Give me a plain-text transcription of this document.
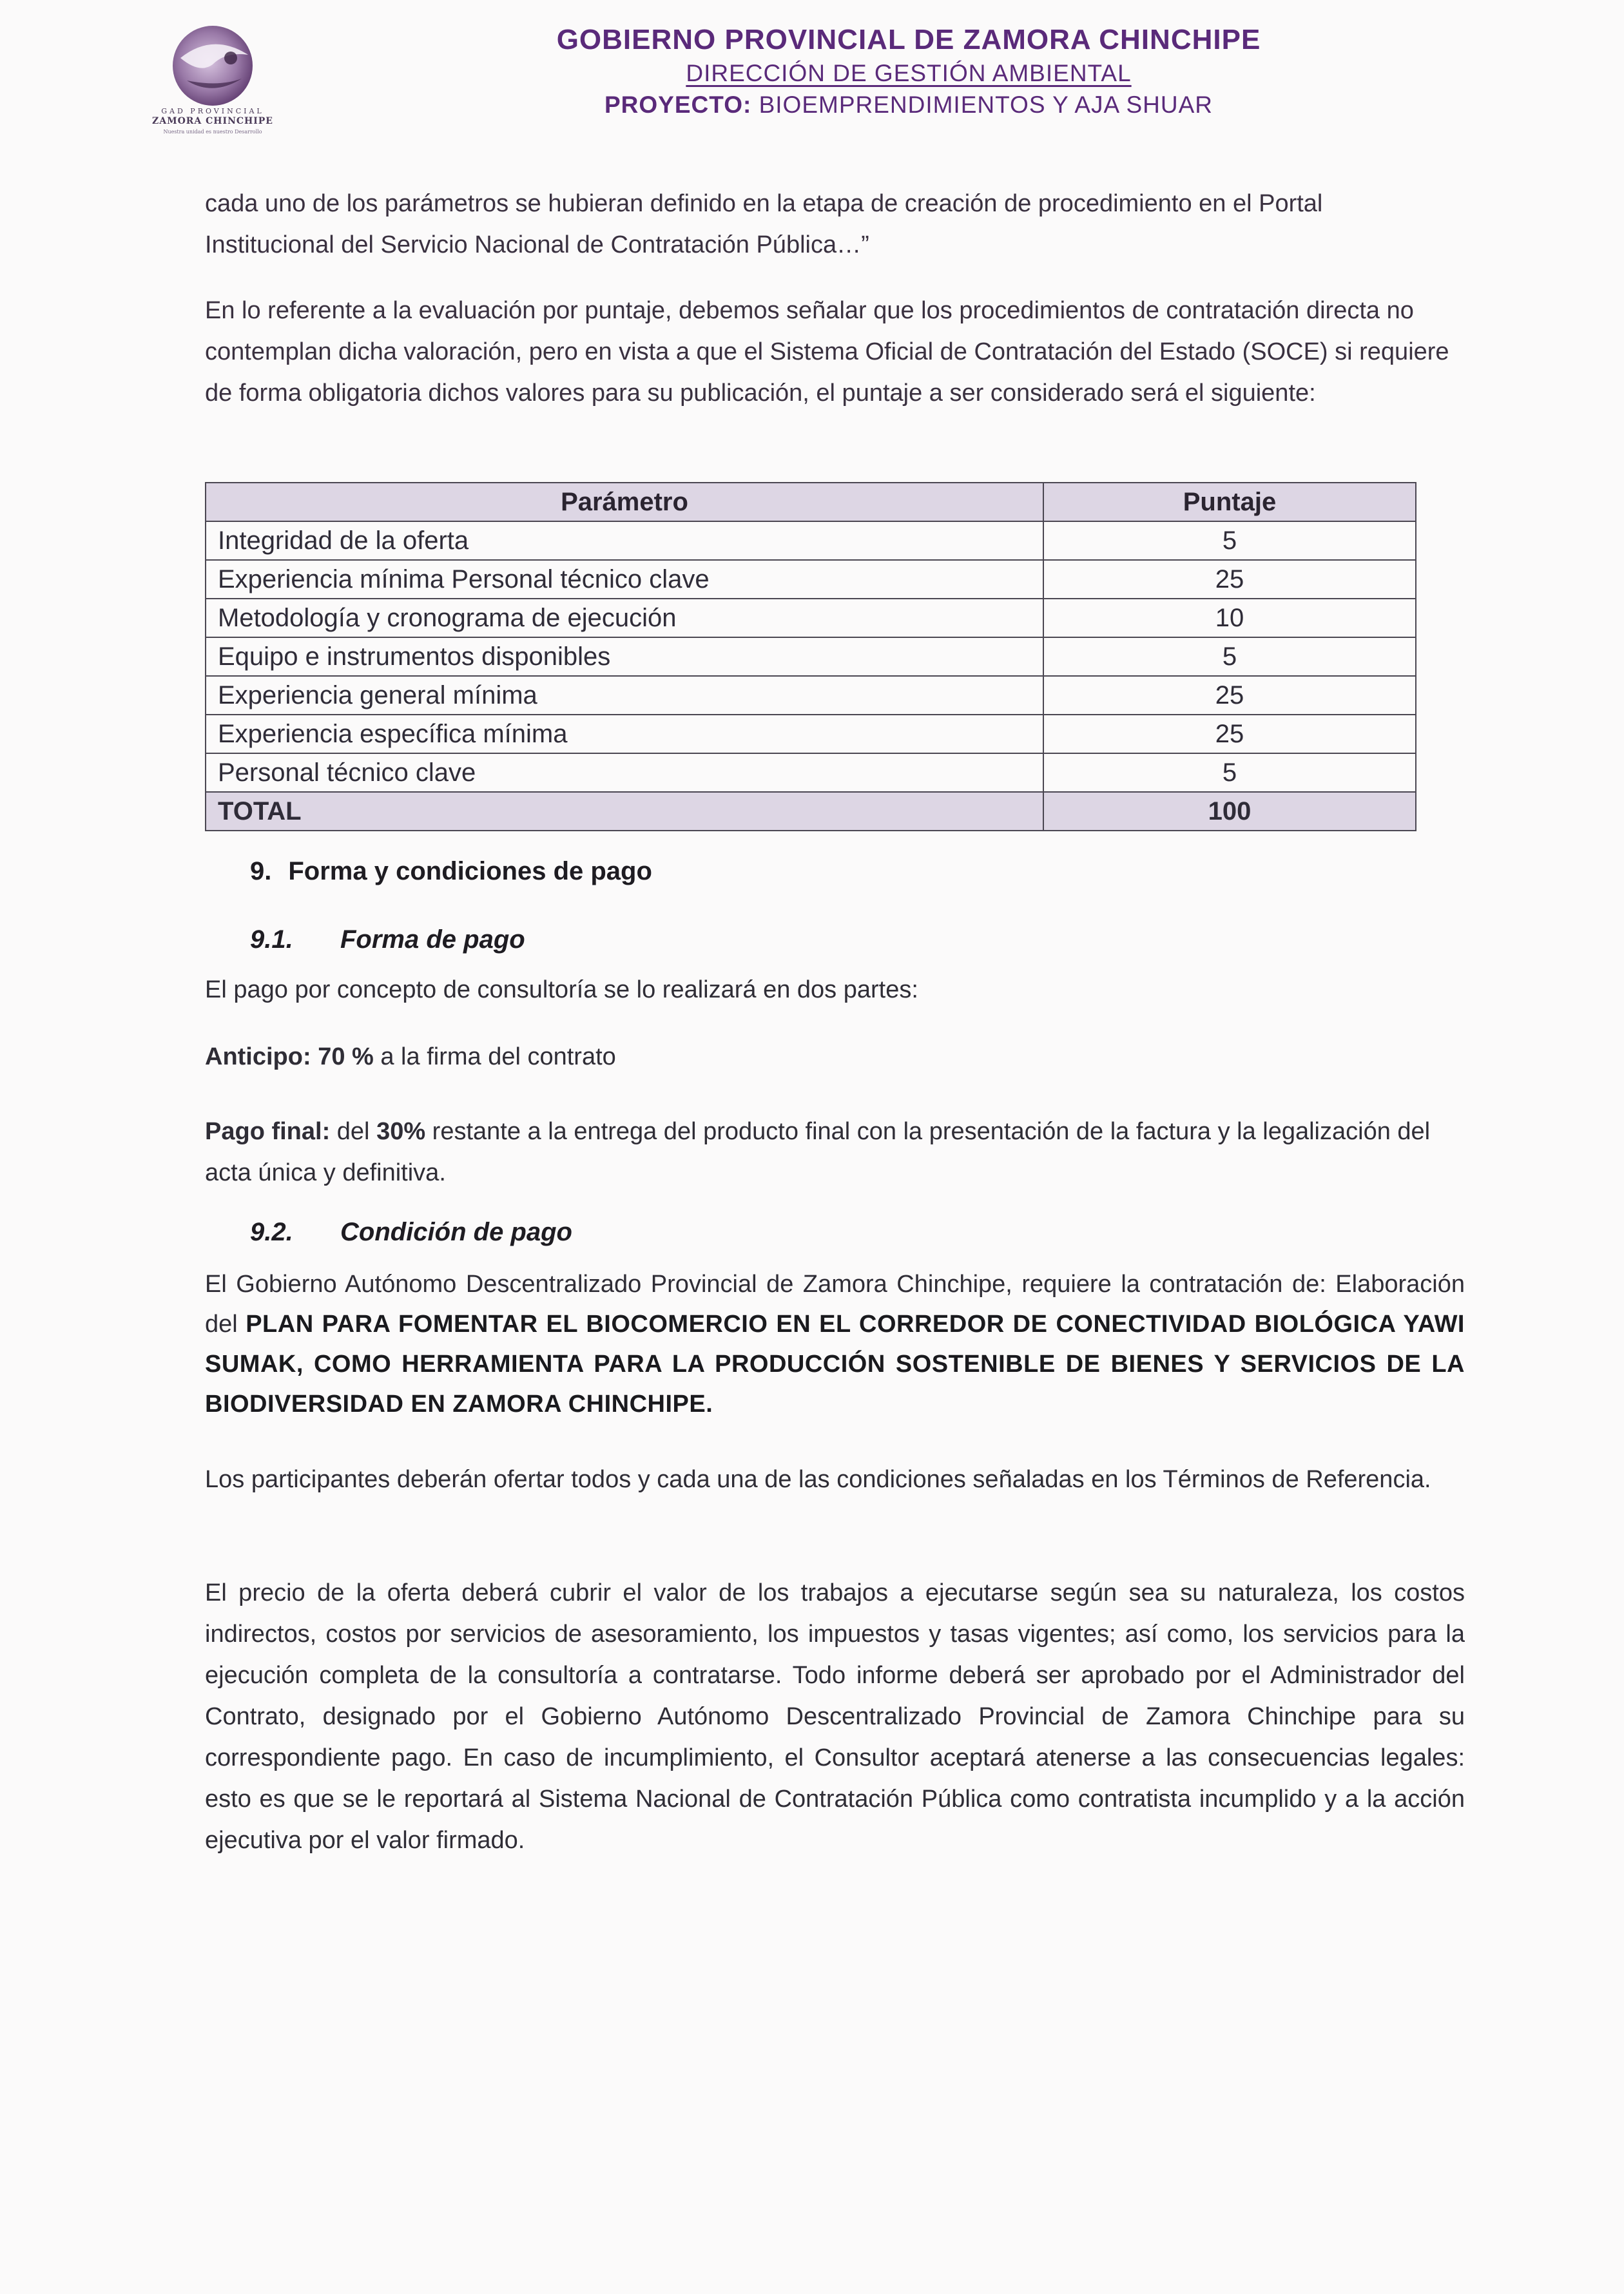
GAD PROVINCIAL
ZAMORA CHINCHIPE
Nuestra unidad es nuestro Desarrollo
GOBIERNO PROVINCIAL DE ZAMORA CHINCHIPE
DIRECCIÓN DE GESTIÓN AMBIENTAL
PROYECTO: BIOEMPRENDIMIENTOS Y AJA SHUAR
cada uno de los parámetros se hubieran definido en la etapa de creación de procedimiento en el Portal
Institucional del Servicio Nacional de Contratación Pública…”
En lo referente a la evaluación por puntaje, debemos señalar que los procedimientos de contratación directa no contemplan dicha valoración, pero en vista a que el Sistema Oficial de Contratación del Estado (SOCE) si requiere de forma obligatoria dichos valores para su publicación, el puntaje a ser considerado será el siguiente:
Parámetro	Puntaje
Integridad de la oferta	5
Experiencia mínima Personal técnico clave	25
Metodología y cronograma de ejecución	10
Equipo e instrumentos disponibles	5
Experiencia general mínima	25
Experiencia específica mínima	25
Personal técnico clave	5
TOTAL	100
9. Forma y condiciones de pago
9.1. Forma de pago
El pago por concepto de consultoría se lo realizará en dos partes:
Anticipo: 70 % a la firma del contrato
Pago final: del 30% restante a la entrega del producto final con la presentación de la factura y la legalización del acta única y definitiva.
9.2. Condición de pago
El Gobierno Autónomo Descentralizado Provincial de Zamora Chinchipe, requiere la contratación de: Elaboración del PLAN PARA FOMENTAR EL BIOCOMERCIO EN EL CORREDOR DE CONECTIVIDAD BIOLÓGICA YAWI SUMAK, COMO HERRAMIENTA PARA LA PRODUCCIÓN SOSTENIBLE DE BIENES Y SERVICIOS DE LA BIODIVERSIDAD EN ZAMORA CHINCHIPE.
Los participantes deberán ofertar todos y cada una de las condiciones señaladas en los Términos de Referencia.
El precio de la oferta deberá cubrir el valor de los trabajos a ejecutarse según sea su naturaleza, los costos indirectos, costos por servicios de asesoramiento, los impuestos y tasas vigentes; así como, los servicios para la ejecución completa de la consultoría a contratarse. Todo informe deberá ser aprobado por el Administrador del Contrato, designado por el Gobierno Autónomo Descentralizado Provincial de Zamora Chinchipe para su correspondiente pago. En caso de incumplimiento, el Consultor aceptará atenerse a las consecuencias legales: esto es que se le reportará al Sistema Nacional de Contratación Pública como contratista incumplido y a la acción ejecutiva por el valor firmado.
